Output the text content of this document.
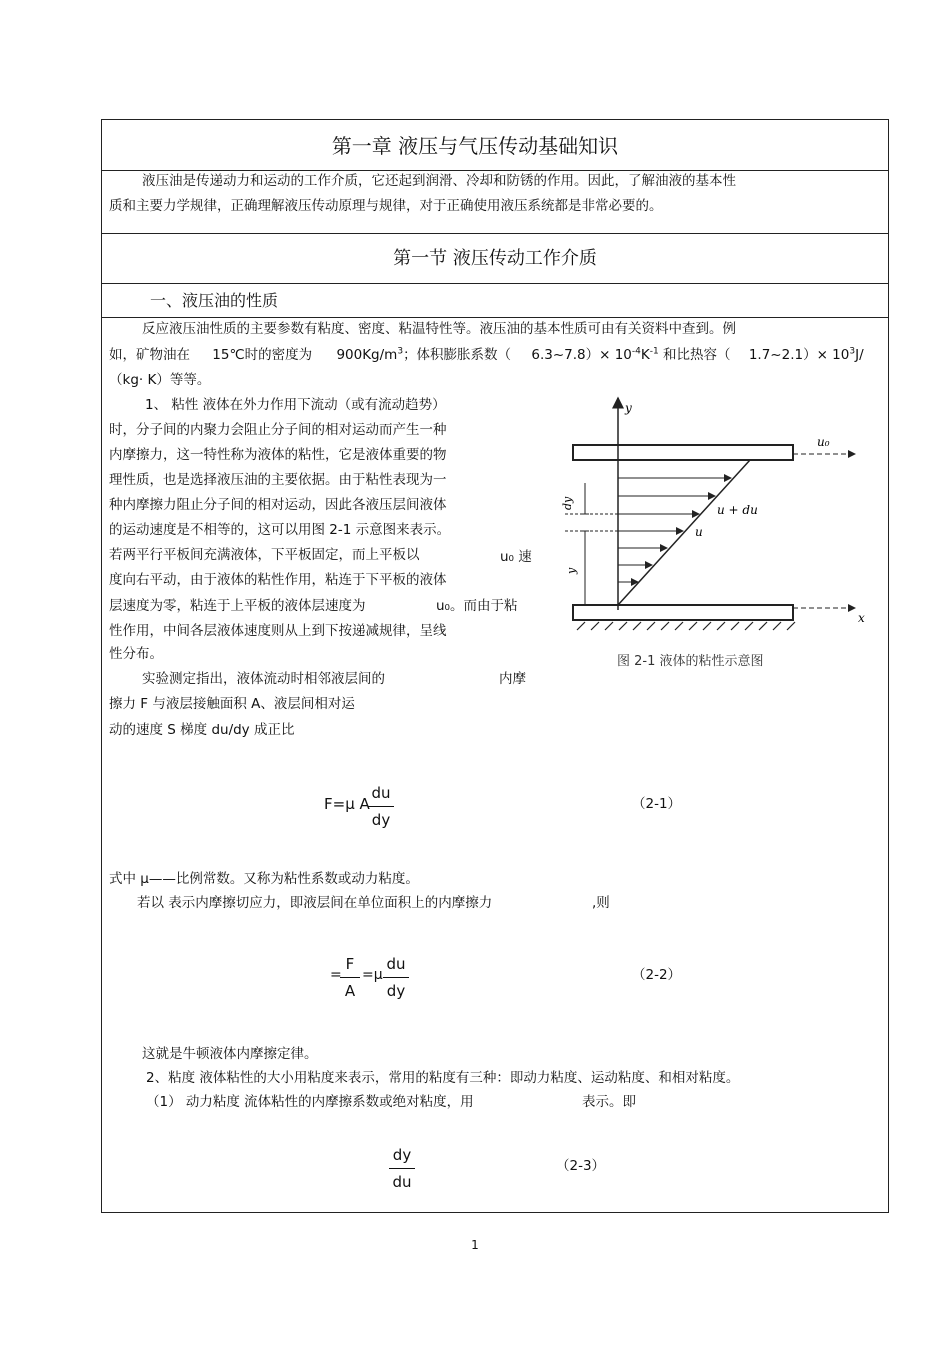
第一章 液压与气压传动基础知识
液压油是传递动力和运动的工作介质，它还起到润滑、冷却和防锈的作用。因此，了解油液的基本性
质和主要力学规律，正确理解液压传动原理与规律，对于正确使用液压系统都是非常必要的。
第一节 液压传动工作介质
一、液压油的性质
反应液压油性质的主要参数有粘度、密度、粘温特性等。液压油的基本性质可由有关资料中查到。例
如，矿物油在 15℃时的密度为 $900Kg/m^3$；体积膨胀系数（ 6.3~7.8）× $10^{-4}K^{-1}$ 和比热容（ 1.7~2.1）× $10^3J/$
（kg· K）等等。
1、 粘性 液体在外力作用下流动（或有流动趋势）
时，分子间的内聚力会阻止分子间的相对运动而产生一种
内摩擦力，这一特性称为液体的粘性，它是液体重要的物
理性质，也是选择液压油的主要依据。由于粘性表现为一
种内摩擦力阻止分子间的相对运动，因此各液压层间液体
的运动速度是不相等的，这可以用图 2-1 示意图来表示。
若两平行平板间充满液体，下平板固定，而上平板以	u₀ 速
度向右平动，由于液体的粘性作用，粘连于下平板的液体
层速度为零，粘连于上平板的液体层速度为	u₀。而由于粘
性作用，中间各层液体速度则从上到下按递减规律，呈线
性分布。
实验测定指出，液体流动时相邻液层间的	内摩
擦力 F 与液层接触面积 A、液层间相对运
动的速度 S 梯度 du/dy 成正比
y
x
u₀
u + du
u
dy
y
图 2-1 液体的粘性示意图
F=μ A
du
dy
（2-1）
式中 μ——比例常数。又称为粘性系数或动力粘度。
若以 表示内摩擦切应力，即液层间在单位面积上的内摩擦力	,则
=
F
A
=μ
du
dy
（2-2）
这就是牛顿液体内摩擦定律。
2、粘度 液体粘性的大小用粘度来表示，常用的粘度有三种：即动力粘度、运动粘度、和相对粘度。
（1） 动力粘度 流体粘性的内摩擦系数或绝对粘度，用	表示。即
dy
du
（2-3）
1
